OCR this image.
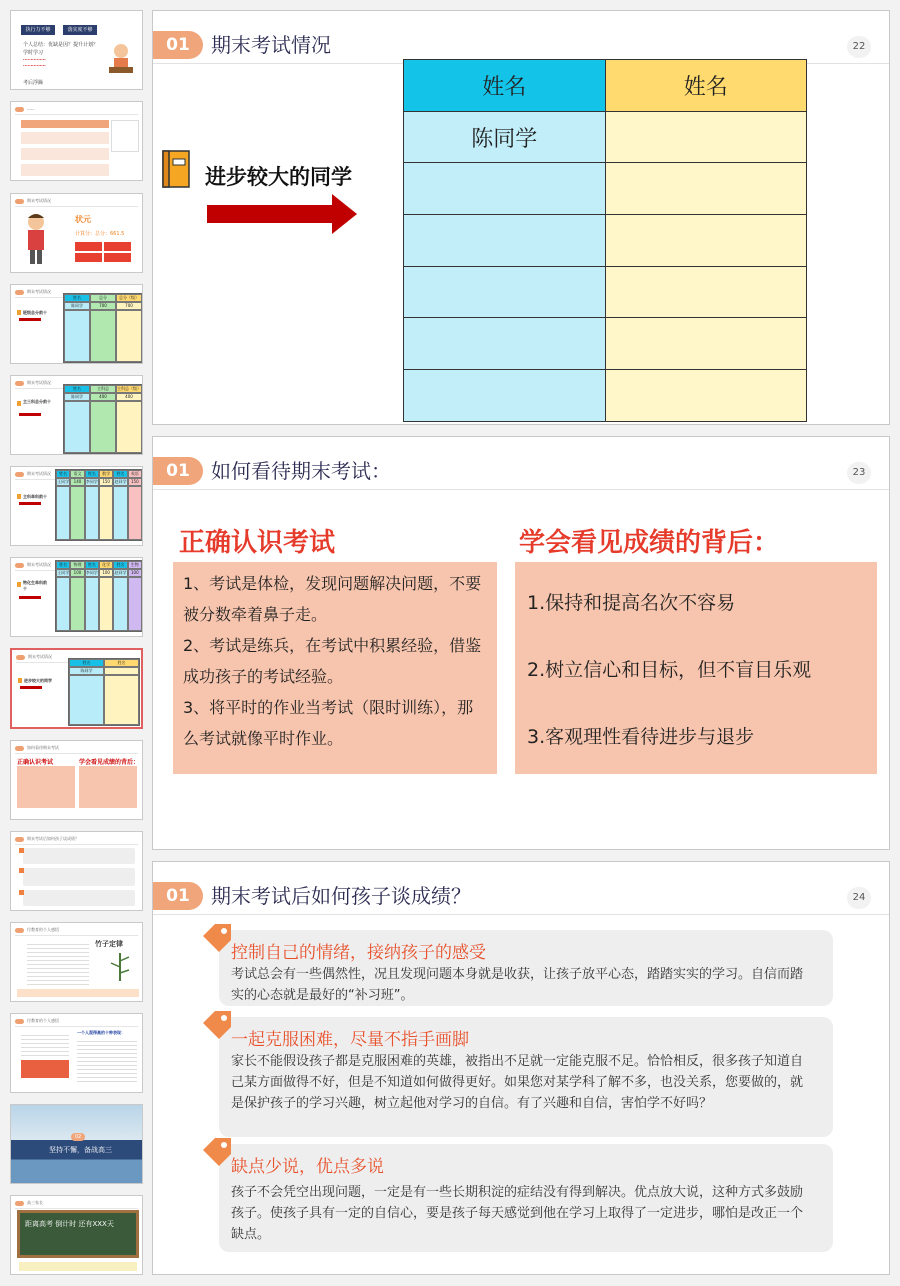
执行力不够	落实度不够
个人总结：优缺是因？提升计划？
学时学习
···············
···············
考后浮躁
······
期末考试情况
状元
计算分：总分：661.5
期末考试情况
班级总分前十
姓名	总分	总分（级）
陈同学	700	700
期末考试情况
主三科总分前十
姓名	主科总	主科总（级）
陈同学	400	400
期末考试情况
主科单科前十
姓名	语文	姓名	数学	姓名	英语
王同学	140	李同学	150	赵同学	150
期末考试情况
物化生单科前十
姓名	物理	姓名	化学	姓名	生物
王同学	100	李同学	100	赵同学	100
期末考试情况
进步较大的同学
姓名	姓名
陈同学
如何看待期末考试
正确认识考试	学会看见成绩的背后：
期末考试后如何孩子谈成绩？
付教育的个人感悟
竹子定律
付教育的个人感悟
一个人混得高的十种表现：
02
坚持不懈，备战高三
高三家长
距离高考 倒计时 还有XXX天
01	期末考试情况	22
进步较大的同学
姓名	姓名
陈同学	

01	如何看待期末考试：	23
正确认识考试

1、考试是体检，发现问题解决问题，不要被分数牵着鼻子走。

2、考试是练兵，在考试中积累经验，借鉴成功孩子的考试经验。

3、将平时的作业当考试（限时训练），那么考试就像平时作业。

学会看见成绩的背后：

1.保持和提高名次不容易

2.树立信心和目标，但不盲目乐观

3.客观理性看待进步与退步

01	期末考试后如何孩子谈成绩？	24
控制自己的情绪，接纳孩子的感受
考试总会有一些偶然性，况且发现问题本身就是收获，让孩子放平心态，踏踏实实的学习。自信而踏实的心态就是最好的“补习班”。
一起克服困难，尽量不指手画脚
家长不能假设孩子都是克服困难的英雄，被指出不足就一定能克服不足。恰恰相反，很多孩子知道自己某方面做得不好，但是不知道如何做得更好。如果您对某学科了解不多，也没关系，您要做的，就是保护孩子的学习兴趣，树立起他对学习的自信。有了兴趣和自信，害怕学不好吗？
缺点少说，优点多说
孩子不会凭空出现问题，一定是有一些长期积淀的症结没有得到解决。优点放大说，这种方式多鼓励孩子。使孩子具有一定的自信心，要是孩子每天感觉到他在学习上取得了一定进步，哪怕是改正一个缺点。
